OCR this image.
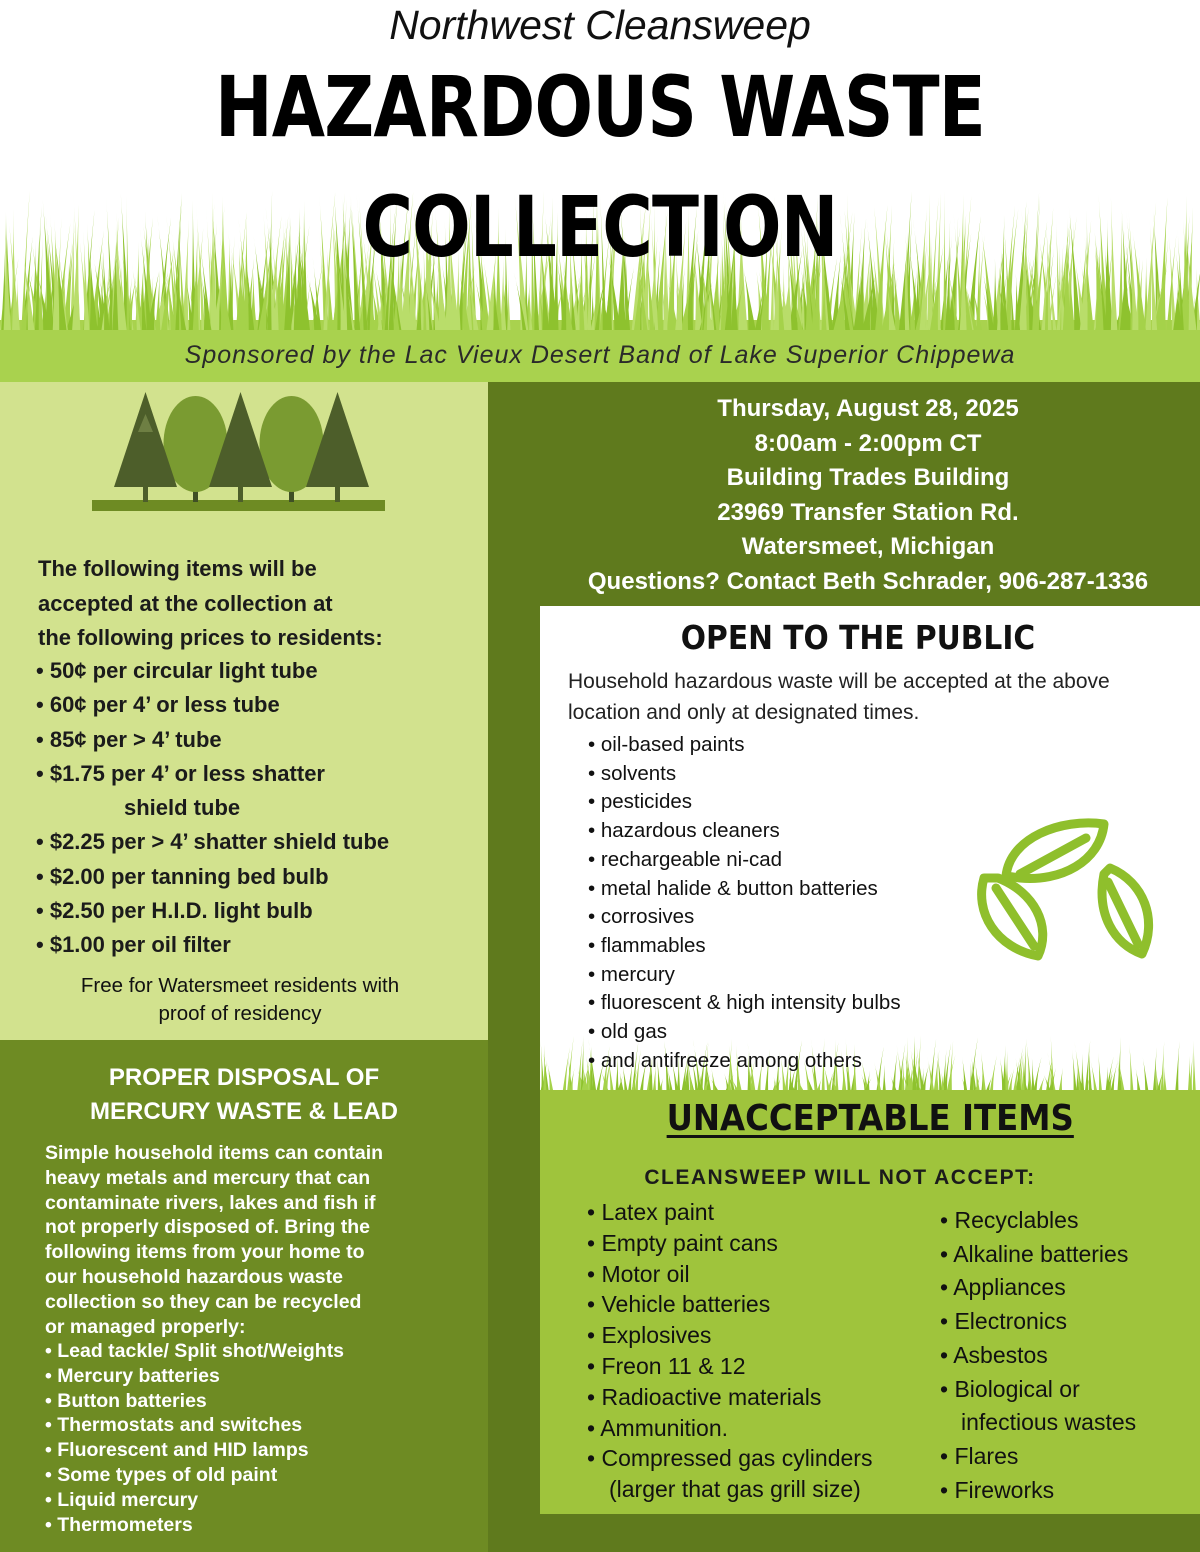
Northwest Cleansweep
HAZARDOUS WASTE
COLLECTION
Sponsored by the Lac Vieux Desert Band of Lake Superior Chippewa
The following items will be
accepted at the collection at
the following prices to residents:
• 50¢ per circular light tube
• 60¢ per 4’ or less tube
• 85¢ per > 4’ tube
• $1.75 per 4’ or less shatter
shield tube
• $2.25 per > 4’ shatter shield tube
• $2.00 per tanning bed bulb
• $2.50 per H.I.D. light bulb
• $1.00 per oil filter
Free for Watersmeet residents with
proof of residency
PROPER DISPOSAL OF
MERCURY WASTE & LEAD
Simple household items can contain
heavy metals and mercury that can
contaminate rivers, lakes and fish if
not properly disposed of. Bring the
following items from your home to
our household hazardous waste
collection so they can be recycled
or managed properly:
• Lead tackle/ Split shot/Weights
• Mercury batteries
• Button batteries
• Thermostats and switches
• Fluorescent and HID lamps
• Some types of old paint
• Liquid mercury
• Thermometers
Thursday, August 28, 2025
8:00am - 2:00pm CT
Building Trades Building
23969 Transfer Station Rd.
Watersmeet, Michigan
Questions? Contact Beth Schrader, 906-287-1336
OPEN TO THE PUBLIC
Household hazardous waste will be accepted at the above
location and only at designated times.
• oil-based paints
• solvents
• pesticides
• hazardous cleaners
• rechargeable ni-cad
• metal halide & button batteries
• corrosives
• flammables
• mercury
• fluorescent & high intensity bulbs
• old gas
• and antifreeze among others
UNACCEPTABLE ITEMS
CLEANSWEEP WILL NOT ACCEPT:
• Latex paint
• Empty paint cans
• Motor oil
• Vehicle batteries
• Explosives
• Freon 11 & 12
• Radioactive materials
• Ammunition.
• Compressed gas cylinders
(larger that gas grill size)
• Recyclables
• Alkaline batteries
• Appliances
• Electronics
• Asbestos
• Biological or
infectious wastes
• Flares
• Fireworks
